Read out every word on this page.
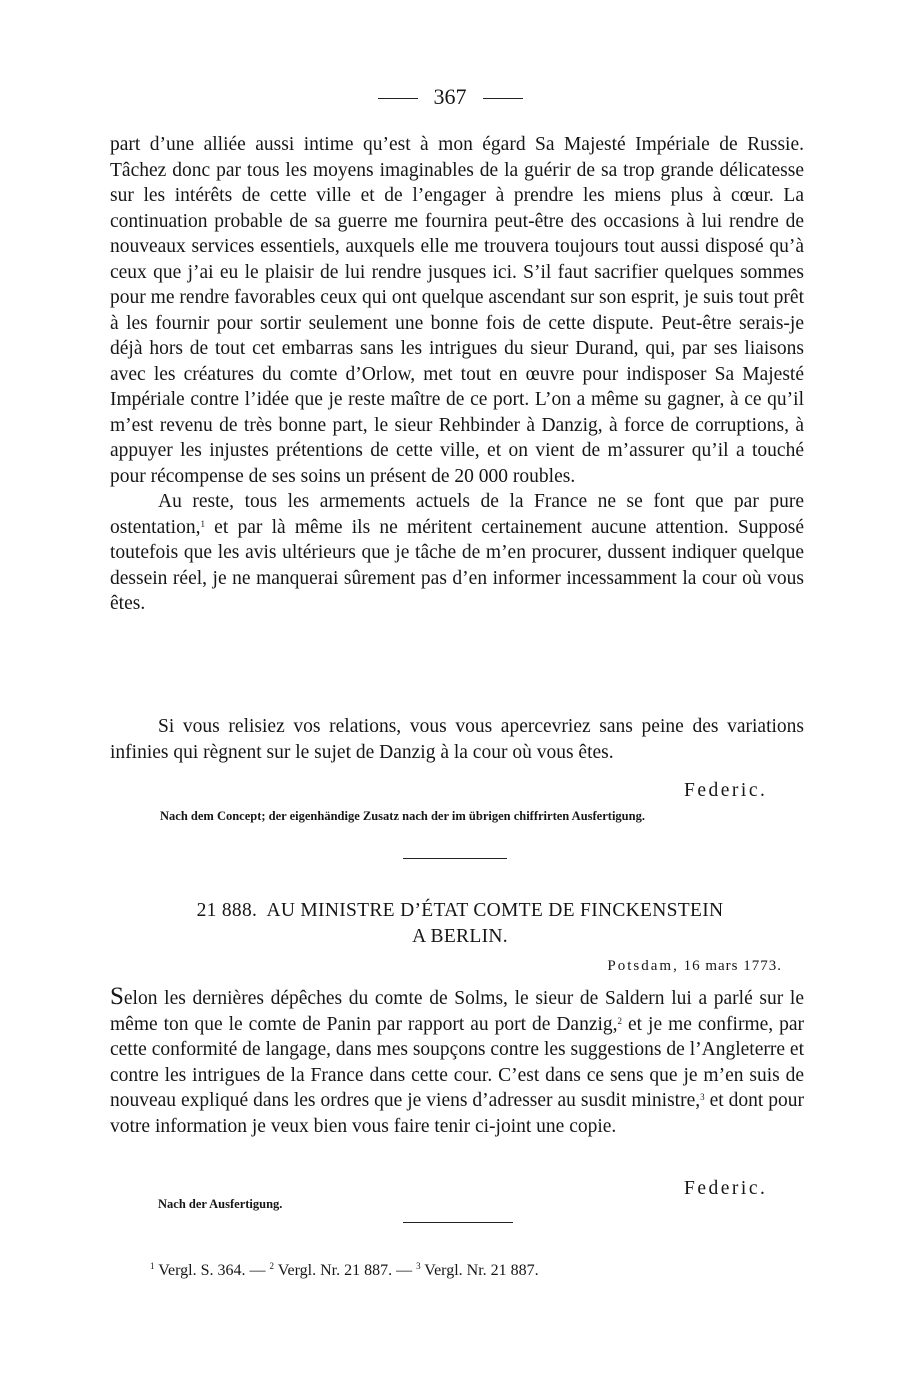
367

part d’une alliée aussi intime qu’est à mon égard Sa Majesté Impériale de Russie. Tâchez donc par tous les moyens imaginables de la guérir de sa trop grande délicatesse sur les intérêts de cette ville et de l’engager à prendre les miens plus à cœur. La continuation probable de sa guerre me fournira peut-être des occasions à lui rendre de nouveaux services essentiels, auxquels elle me trouvera toujours tout aussi disposé qu’à ceux que j’ai eu le plaisir de lui rendre jusques ici. S’il faut sacrifier quelques sommes pour me rendre favorables ceux qui ont quelque ascendant sur son esprit, je suis tout prêt à les fournir pour sortir seulement une bonne fois de cette dispute. Peut-être serais-je déjà hors de tout cet embarras sans les intrigues du sieur Durand, qui, par ses liaisons avec les créatures du comte d’Orlow, met tout en œuvre pour indisposer Sa Majesté Impériale contre l’idée que je reste maître de ce port. L’on a même su gagner, à ce qu’il m’est revenu de très bonne part, le sieur Rehbinder à Danzig, à force de corruptions, à appuyer les injustes prétentions de cette ville, et on vient de m’assurer qu’il a touché pour récompense de ses soins un présent de 20 000 roubles.

Au reste, tous les armements actuels de la France ne se font que par pure ostentation,$^1$ et par là même ils ne méritent certainement aucune attention. Supposé toutefois que les avis ultérieurs que je tâche de m’en procurer, dussent indiquer quelque dessein réel, je ne manquerai sûrement pas d’en informer incessamment la cour où vous êtes.

Si vous relisiez vos relations, vous vous apercevriez sans peine des variations infinies qui règnent sur le sujet de Danzig à la cour où vous êtes.

Federic.
Nach dem Concept; der eigenhändige Zusatz nach der im übrigen chiffrirten Ausfertigung.
21 888. AU MINISTRE D’ÉTAT COMTE DE FINCKENSTEIN
A BERLIN.
Potsdam, 16 mars 1773.

Selon les dernières dépêches du comte de Solms, le sieur de Saldern lui a parlé sur le même ton que le comte de Panin par rapport au port de Danzig,$^2$ et je me confirme, par cette conformité de langage, dans mes soupçons contre les suggestions de l’Angleterre et contre les intrigues de la France dans cette cour. C’est dans ce sens que je m’en suis de nouveau expliqué dans les ordres que je viens d’adresser au susdit ministre,$^3$ et dont pour votre information je veux bien vous faire tenir ci-joint une copie.

Federic.
Nach der Ausfertigung.
$^1$ Vergl. S. 364. — $^2$ Vergl. Nr. 21 887. — $^3$ Vergl. Nr. 21 887.
